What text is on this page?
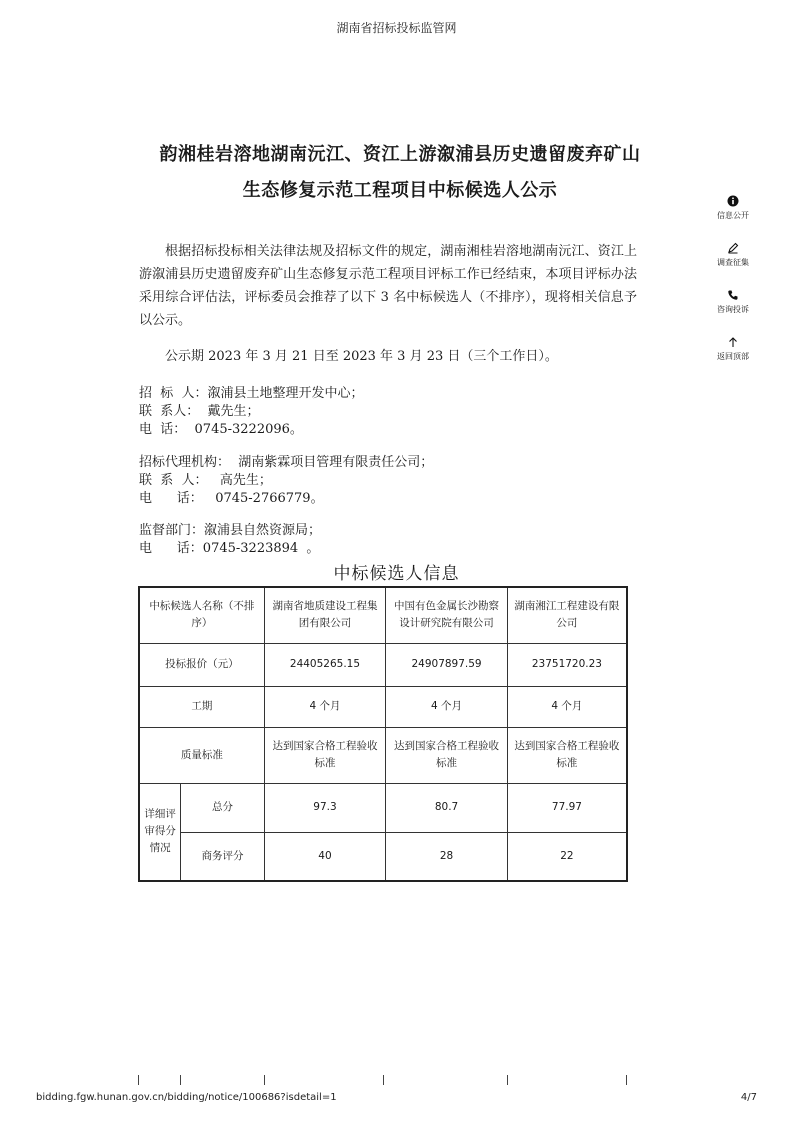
湖南省招标投标监管网
韵湘桂岩溶地湖南沅江、资江上游溆浦县历史遗留废弃矿山
生态修复示范工程项目中标候选人公示
信息公开
调查征集
咨询投诉
返回顶部
根据招标投标相关法律法规及招标文件的规定，湖南湘桂岩溶地湖南沅江、资江上游溆浦县历史遗留废弃矿山生态修复示范工程项目评标工作已经结束，本项目评标办法采用综合评估法，评标委员会推荐了以下 3 名中标候选人（不排序），现将相关信息予以公示。
公示期 2023 年 3 月 21 日至 2023 年 3 月 23 日（三个工作日）。
招  标  人：溆浦县土地整理开发中心；
联  系人：  戴先生；
电  话：  0745-3222096。
招标代理机构：  湖南紫霖项目管理有限责任公司；
联  系  人：   高先生；
电      话：   0745-2766779。
监督部门：溆浦县自然资源局；
电      话：0745-3223894  。
中标候选人信息
中标候选人名称（不排序）		湖南省地质建设工程集团有限公司	中国有色金属长沙勘察设计研究院有限公司	湖南湘江工程建设有限公司
投标报价（元）		24405265.15	24907897.59	23751720.23
工期		4 个月	4 个月	4 个月
质量标准		达到国家合格工程验收标准	达到国家合格工程验收标准	达到国家合格工程验收标准
详细评审得分情况	总分	97.3	80.7	77.97
	商务评分	40	28	22
bidding.fgw.hunan.gov.cn/bidding/notice/100686?isdetail=1	4/7
